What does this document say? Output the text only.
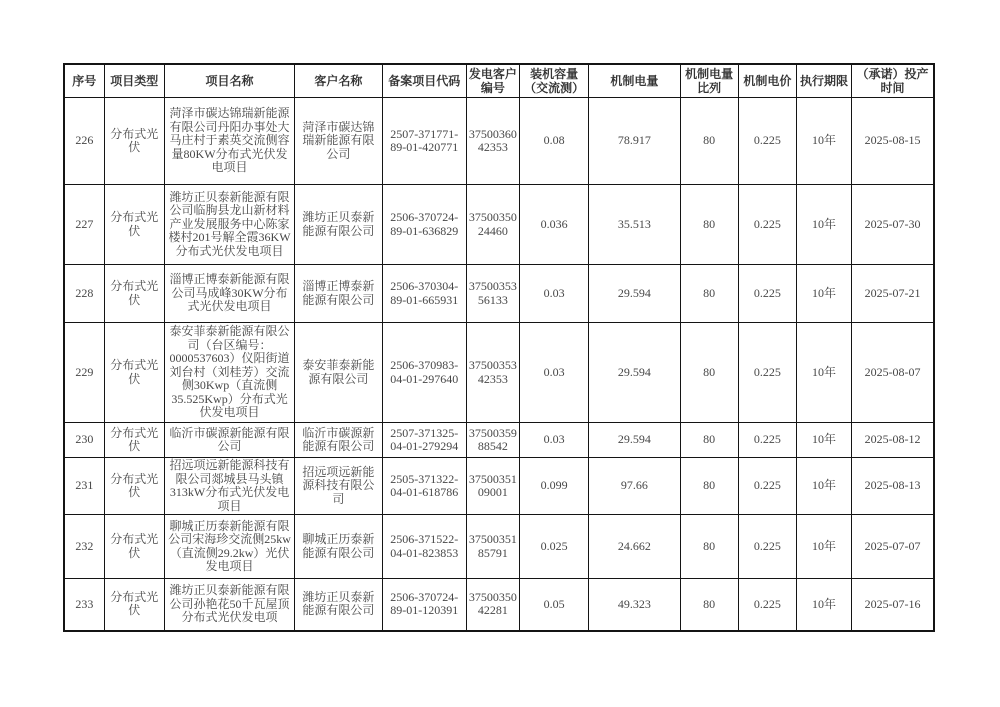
序号	项目类型	项目名称	客户名称	备案项目代码	发电客户编号	装机容量（交流测）	机制电量	机制电量比列	机制电价	执行期限	（承诺）投产时间
226	分布式光伏	菏泽市碳达锦瑞新能源有限公司丹阳办事处大马庄村于素英交流侧容量80KW分布式光伏发电项目	菏泽市碳达锦瑞新能源有限公司	2507-371771-89-01-420771	3750036042353	0.08	78.917	80	0.225	10年	2025-08-15
227	分布式光伏	潍坊正贝泰新能源有限公司临朐县龙山新材料产业发展服务中心陈家楼村201号解全霞36KW分布式光伏发电项目	潍坊正贝泰新能源有限公司	2506-370724-89-01-636829	3750035024460	0.036	35.513	80	0.225	10年	2025-07-30
228	分布式光伏	淄博正博泰新能源有限公司马成峰30KW分布式光伏发电项目	淄博正博泰新能源有限公司	2506-370304-89-01-665931	3750035356133	0.03	29.594	80	0.225	10年	2025-07-21
229	分布式光伏	泰安菲泰新能源有限公司（台区编号：0000537603）仪阳街道刘台村（刘桂芳）交流侧30Kwp（直流侧35.525Kwp）分布式光伏发电项目	泰安菲泰新能源有限公司	2506-370983-04-01-297640	3750035342353	0.03	29.594	80	0.225	10年	2025-08-07
230	分布式光伏	临沂市碳源新能源有限公司	临沂市碳源新能源有限公司	2507-371325-04-01-279294	3750035988542	0.03	29.594	80	0.225	10年	2025-08-12
231	分布式光伏	招远项远新能源科技有限公司郯城县马头镇313kW分布式光伏发电项目	招远项远新能源科技有限公司	2505-371322-04-01-618786	3750035109001	0.099	97.66	80	0.225	10年	2025-08-13
232	分布式光伏	聊城正历泰新能源有限公司宋海珍交流侧25kw（直流侧29.2kw）光伏发电项目	聊城正历泰新能源有限公司	2506-371522-04-01-823853	3750035185791	0.025	24.662	80	0.225	10年	2025-07-07
233	分布式光伏	潍坊正贝泰新能源有限公司孙艳花50千瓦屋顶分布式光伏发电项	潍坊正贝泰新能源有限公司	2506-370724-89-01-120391	3750035042281	0.05	49.323	80	0.225	10年	2025-07-16
